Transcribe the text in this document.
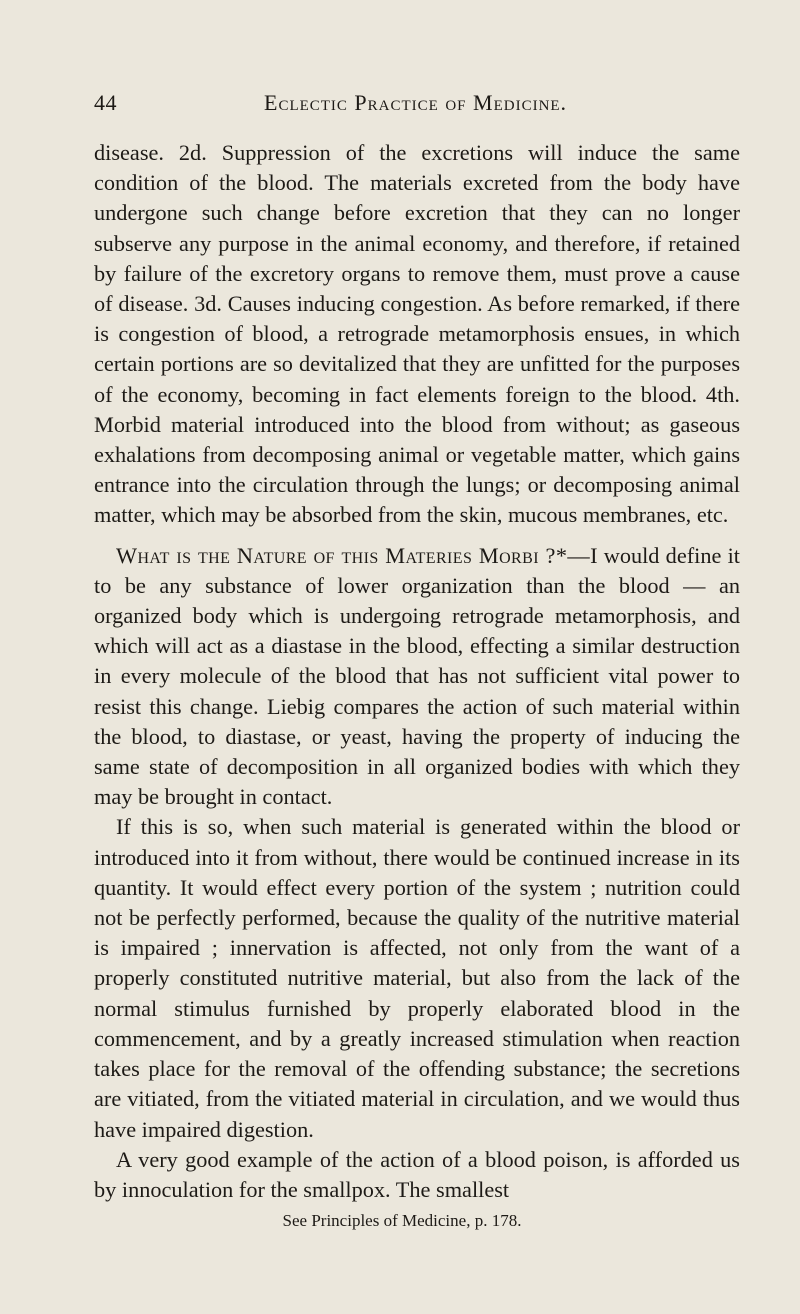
44	Eclectic Practice of Medicine.

disease. 2d. Suppression of the excretions will induce the same condition of the blood. The materials excreted from the body have undergone such change before excretion that they can no longer subserve any purpose in the animal economy, and therefore, if retained by failure of the excretory organs to remove them, must prove a cause of disease. 3d. Causes inducing congestion. As before remarked, if there is congestion of blood, a retrograde metamorphosis ensues, in which certain portions are so devitalized that they are unfitted for the purposes of the economy, becoming in fact elements foreign to the blood. 4th. Morbid material introduced into the blood from without; as gaseous exhalations from decomposing animal or vegetable matter, which gains entrance into the circulation through the lungs; or decomposing animal matter, which may be absorbed from the skin, mucous membranes, etc.

What is the Nature of this Materies Morbi ?*—I would define it to be any substance of lower organization than the blood — an organized body which is undergoing retrograde metamorphosis, and which will act as a diastase in the blood, effecting a similar destruction in every molecule of the blood that has not sufficient vital power to resist this change. Liebig compares the action of such material within the blood, to diastase, or yeast, having the property of inducing the same state of decomposition in all organized bodies with which they may be brought in contact.

If this is so, when such material is generated within the blood or introduced into it from without, there would be continued increase in its quantity. It would effect every portion of the system ; nutrition could not be perfectly performed, because the quality of the nutritive material is impaired ; innervation is affected, not only from the want of a properly constituted nutritive material, but also from the lack of the normal stimulus furnished by properly elaborated blood in the commencement, and by a greatly increased stimulation when reaction takes place for the removal of the offending substance; the secretions are vitiated, from the vitiated material in circulation, and we would thus have impaired digestion.

A very good example of the action of a blood poison, is afforded us by innoculation for the smallpox. The smallest

See Principles of Medicine, p. 178.
